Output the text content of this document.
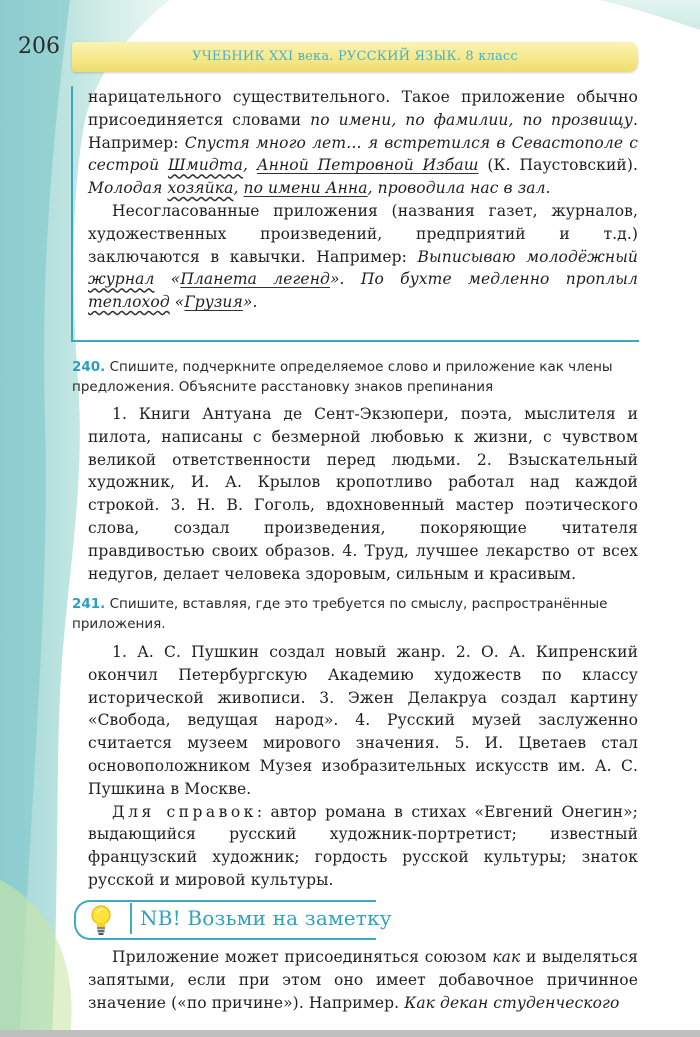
206	УЧЕБНИК XXI века. РУССКИЙ ЯЗЫК. 8 класс

нарицательного существительного. Такое приложение обычно присоединяется словами по имени, по фамилии, по прозвищу. Например: Спустя много лет… я встретился в Севастополе с сестрой Шмидта, Анной Петровной Избаш (К. Паустовский). Молодая хозяйка, по имени Анна, проводила нас в зал.

Несогласованные приложения (названия газет, журналов, художественных произведений, предприятий и т.д.) заключаются в кавычки. Например: Выписываю молодёжный журнал «Планета легенд». По бухте медленно проплыл теплоход «Грузия».

240. Спишите, подчеркните определяемое слово и приложение как члены предложения. Объясните расстановку знаков препинания

1. Книги Антуана де Сент-Экзюпери, поэта, мыслителя и пилота, написаны с безмерной любовью к жизни, с чувством великой ответственности перед людьми. 2. Взыскательный художник, И. А. Крылов кропотливо работал над каждой строкой. 3. Н. В. Гоголь, вдохновенный мастер поэтического слова, создал произведения, покоряющие читателя правдивостью своих образов. 4. Труд, лучшее лекарство от всех недугов, делает человека здоровым, сильным и красивым.

241. Спишите, вставляя, где это требуется по смыслу, распространённые приложения.

1. А. С. Пушкин создал новый жанр. 2. О. А. Кипренский окончил Петербургскую Академию художеств по классу исторической живописи. 3. Эжен Делакруа создал картину «Свобода, ведущая народ». 4. Русский музей заслуженно считается музеем мирового значения. 5. И. Цветаев стал основоположником Музея изобразительных искусств им. А. С. Пушкина в Москве.

Для справок: автор романа в стихах «Евгений Онегин»; выдающийся русский художник-портретист; известный французский художник; гордость русской культуры; знаток русской и мировой культуры.

NB! Возьми на заметку

Приложение может присоединяться союзом как и выделяться запятыми, если при этом оно имеет добавочное причинное значение («по причине»). Например. Как декан студенческого
